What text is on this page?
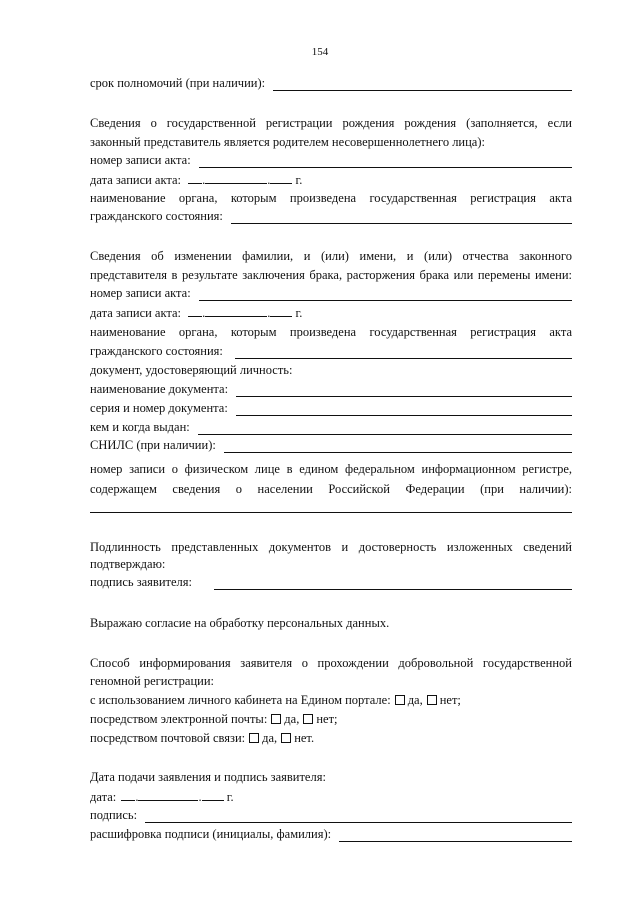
154
срок полномочий (при наличии):
Сведения о государственной регистрации рождения рождения (заполняется, если
законный представитель является родителем несовершеннолетнего лица):
номер записи акта:
дата записи акта: .	. г.
наименование органа, которым произведена государственная регистрация акта
гражданского состояния:
Сведения об изменении фамилии, и (или) имени, и (или) отчества законного
представителя в результате заключения брака, расторжения брака или перемены имени:
номер записи акта:
дата записи акта: .	. г.
наименование органа, которым произведена государственная регистрация акта
гражданского состояния:
документ, удостоверяющий личность:
наименование документа:
серия и номер документа:
кем и когда выдан:
СНИЛС (при наличии):
номер записи о физическом лице в едином федеральном информационном регистре,
содержащем сведения о населении Российской Федерации (при наличии):
Подлинность представленных документов и достоверность изложенных сведений
подтверждаю:
подпись заявителя:
Выражаю согласие на обработку персональных данных.
Способ информирования заявителя о прохождении добровольной государственной
геномной регистрации:
с использованием личного кабинета на Едином портале: да, нет;
посредством электронной почты: да, нет;
посредством почтовой связи: да, нет.
Дата подачи заявления и подпись заявителя:
дата: .	. г.
подпись:
расшифровка подписи (инициалы, фамилия):
